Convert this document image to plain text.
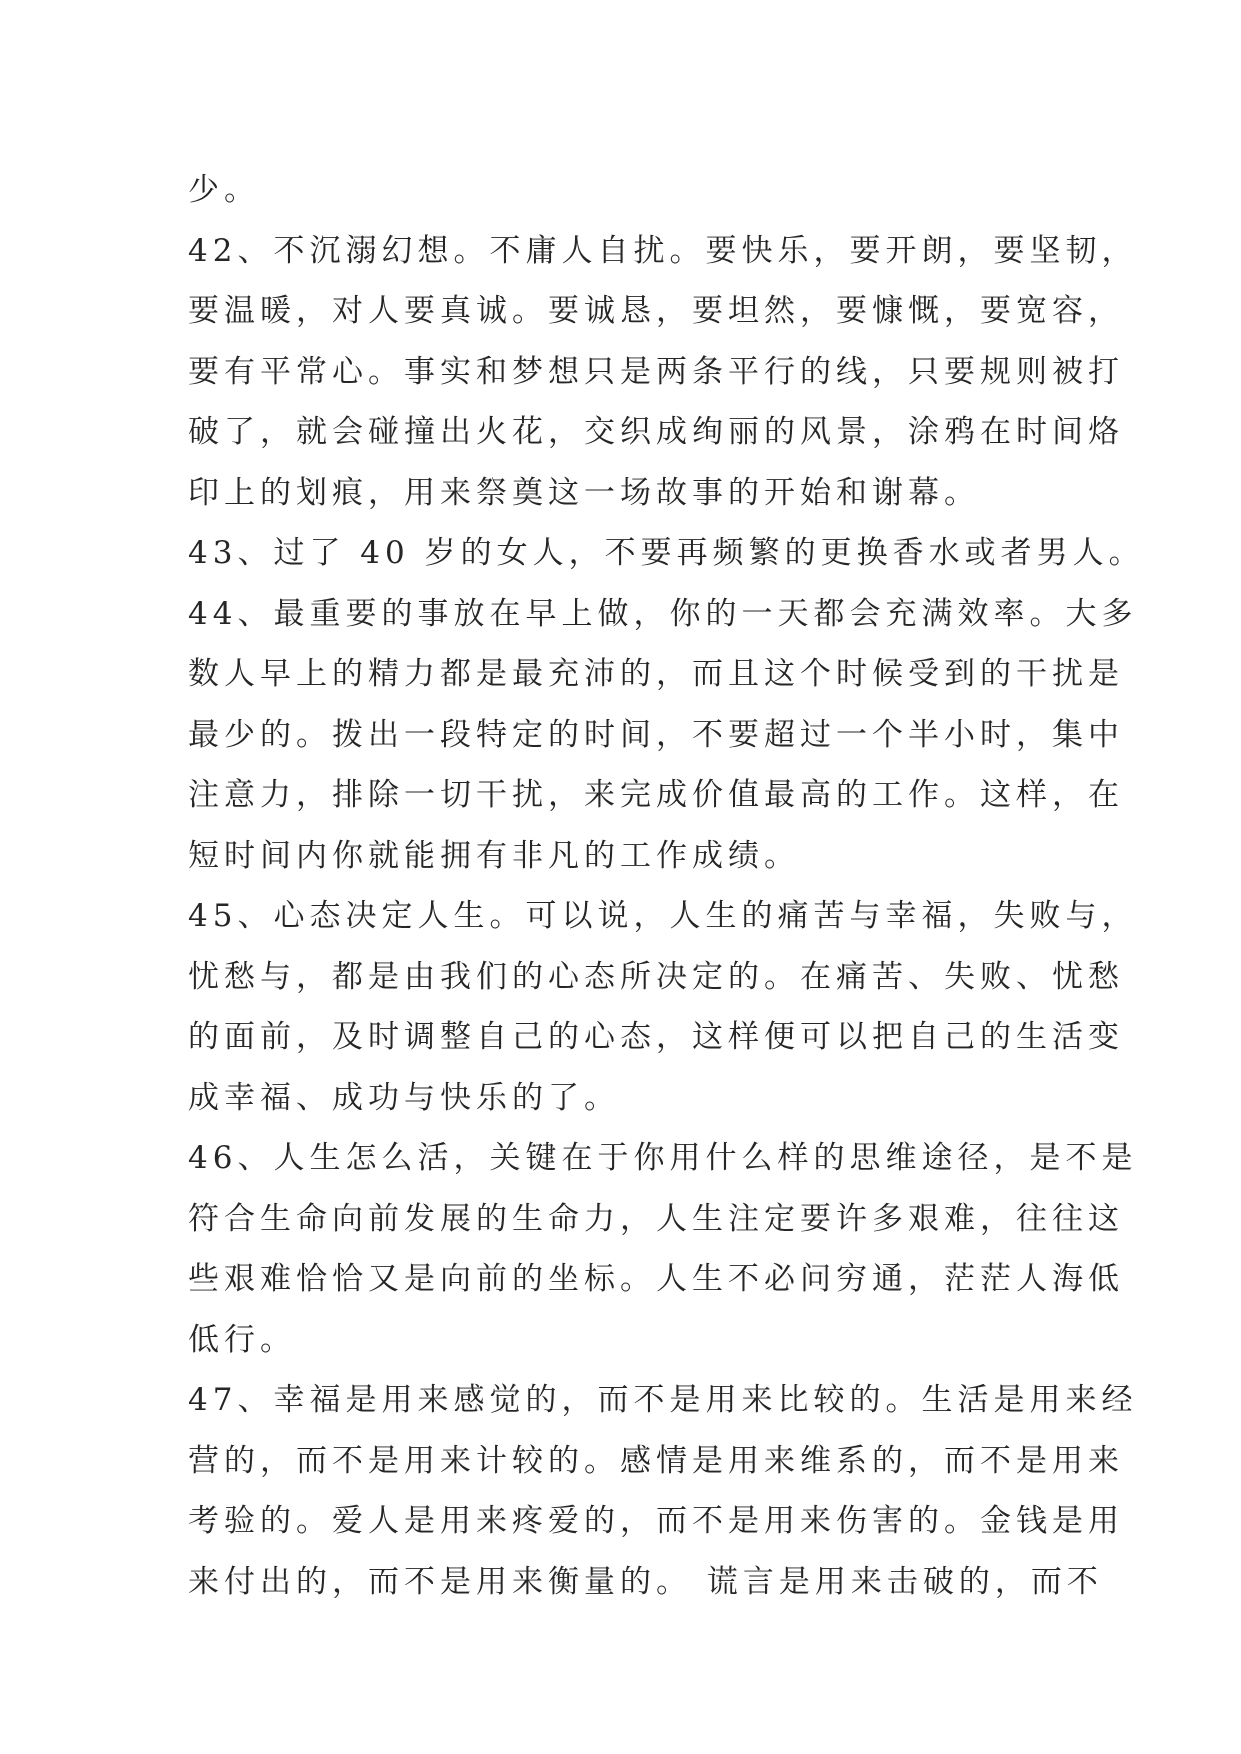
少。
42、不沉溺幻想。不庸人自扰。要快乐，要开朗，要坚韧，
要温暖，对人要真诚。要诚恳，要坦然，要慷慨，要宽容，
要有平常心。事实和梦想只是两条平行的线，只要规则被打
破了，就会碰撞出火花，交织成绚丽的风景，涂鸦在时间烙
印上的划痕，用来祭奠这一场故事的开始和谢幕。
43、过了 40 岁的女人，不要再频繁的更换香水或者男人。
44、最重要的事放在早上做，你的一天都会充满效率。大多
数人早上的精力都是最充沛的，而且这个时候受到的干扰是
最少的。拨出一段特定的时间，不要超过一个半小时，集中
注意力，排除一切干扰，来完成价值最高的工作。这样，在
短时间内你就能拥有非凡的工作成绩。
45、心态决定人生。可以说，人生的痛苦与幸福，失败与，
忧愁与，都是由我们的心态所决定的。在痛苦、失败、忧愁
的面前，及时调整自己的心态，这样便可以把自己的生活变
成幸福、成功与快乐的了。
46、人生怎么活，关键在于你用什么样的思维途径，是不是
符合生命向前发展的生命力，人生注定要许多艰难，往往这
些艰难恰恰又是向前的坐标。人生不必问穷通，茫茫人海低
低行。
47、幸福是用来感觉的，而不是用来比较的。生活是用来经
营的，而不是用来计较的。感情是用来维系的，而不是用来
考验的。爱人是用来疼爱的，而不是用来伤害的。金钱是用
来付出的，而不是用来衡量的。 谎言是用来击破的，而不
